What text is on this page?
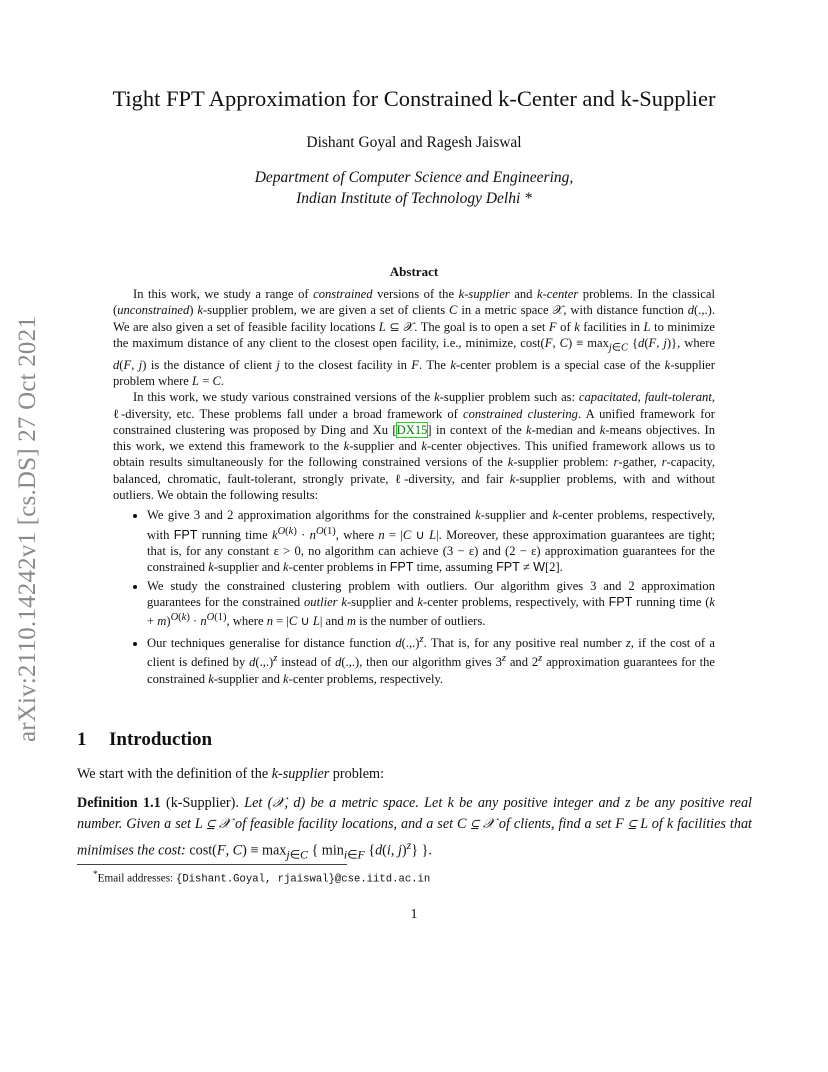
arXiv:2110.14242v1 [cs.DS] 27 Oct 2021
Tight FPT Approximation for Constrained k-Center and k-Supplier
Dishant Goyal and Ragesh Jaiswal
Department of Computer Science and Engineering,
Indian Institute of Technology Delhi *
Abstract

In this work, we study a range of constrained versions of the k-supplier and k-center problems. In the classical (unconstrained) k-supplier problem, we are given a set of clients C in a metric space 𝒳, with distance function d(.,.). We are also given a set of feasible facility locations L ⊆ 𝒳. The goal is to open a set F of k facilities in L to minimize the maximum distance of any client to the closest open facility, i.e., minimize, cost(F, $C) \equiv \max_{j\in C} \{d(F$, j)}, where d(F, j) is the distance of client j to the closest facility in F. The k-center problem is a special case of the k-supplier problem where L = C.

In this work, we study various constrained versions of the k-supplier problem such as: capacitated, fault-tolerant, ℓ-diversity, etc. These problems fall under a broad framework of constrained clustering. A unified framework for constrained clustering was proposed by Ding and Xu [DX15] in context of the k-median and k-means objectives. In this work, we extend this framework to the k-supplier and k-center objectives. This unified framework allows us to obtain results simultaneously for the following constrained versions of the k-supplier problem: r-gather, r-capacity, balanced, chromatic, fault-tolerant, strongly private, ℓ-diversity, and fair k-supplier problems, with and without outliers. We obtain the following results:

• We give 3 and 2 approximation algorithms for the constrained k-supplier and k-center problems, respectively, with FPT running time $k^{O(k)} \cdot n^{O(1)}$, where n = |C ∪ L|. Moreover, these approximation guarantees are tight; that is, for any constant ε > 0, no algorithm can achieve (3 − ε) and (2 − ε) approximation guarantees for the constrained k-supplier and k-center problems in FPT time, assuming FPT ≠ W[2].
• We study the constrained clustering problem with outliers. Our algorithm gives 3 and 2 approximation guarantees for the constrained outlier k-supplier and k-center problems, respectively, with FPT running time $(k + m)^{O(k)} \cdot n^{O(1)}$, where n = |C ∪ L| and m is the number of outliers.
• Our techniques generalise for distance function d(.,.)$^z$. That is, for any positive real number z, if the cost of a client is defined by d(.,.)$^z$ instead of d(.,.), then our algorithm gives 3$^z$ and 2$^z$ approximation guarantees for the constrained k-supplier and k-center problems, respectively.
1 Introduction
We start with the definition of the k-supplier problem:
Definition 1.1 (k-Supplier). Let (𝒳, d) be a metric space. Let k be any positive integer and z be any positive real number. Given a set L ⊆ 𝒳 of feasible facility locations, and a set C ⊆ 𝒳 of clients, find a set F ⊆ L of k facilities that minimises the cost: cost(F, $C) \equiv \max_{j\in C}$ { $\min_{i\in F} \{d(i$, j)$^z$} }.
*Email addresses: {Dishant.Goyal, rjaiswal}@cse.iitd.ac.in
1
